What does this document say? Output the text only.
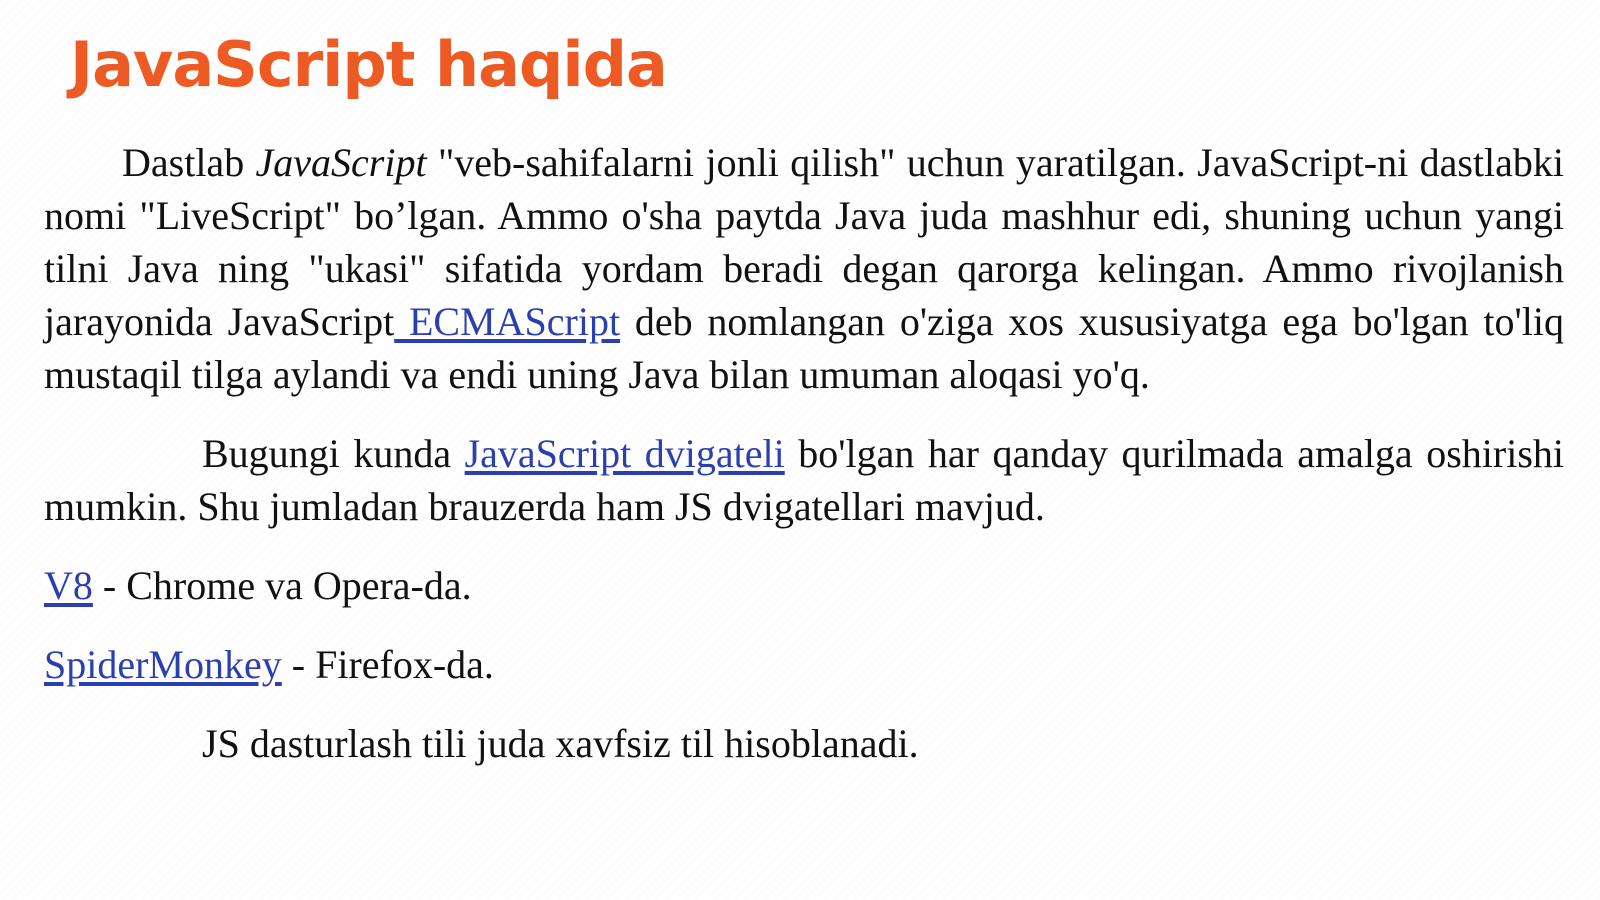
JavaScript haqida

Dastlab JavaScript "veb-sahifalarni jonli qilish" uchun yaratilgan. JavaScript-ni dastlabki nomi "LiveScript" bo’lgan. Ammo o'sha paytda Java juda mashhur edi, shuning uchun yangi tilni Java ning "ukasi" sifatida yordam beradi degan qarorga kelingan. Ammo rivojlanish jarayonida JavaScript ECMAScript deb nomlangan o'ziga xos xususiyatga ega bo'lgan to'liq mustaqil tilga aylandi va endi uning Java bilan umuman aloqasi yo'q.

Bugungi kunda JavaScript dvigateli bo'lgan har qanday qurilmada amalga oshirishi mumkin. Shu jumladan brauzerda ham JS dvigatellari mavjud.

V8 - Chrome va Opera-da.

SpiderMonkey - Firefox-da.

JS dasturlash tili juda xavfsiz til hisoblanadi.
